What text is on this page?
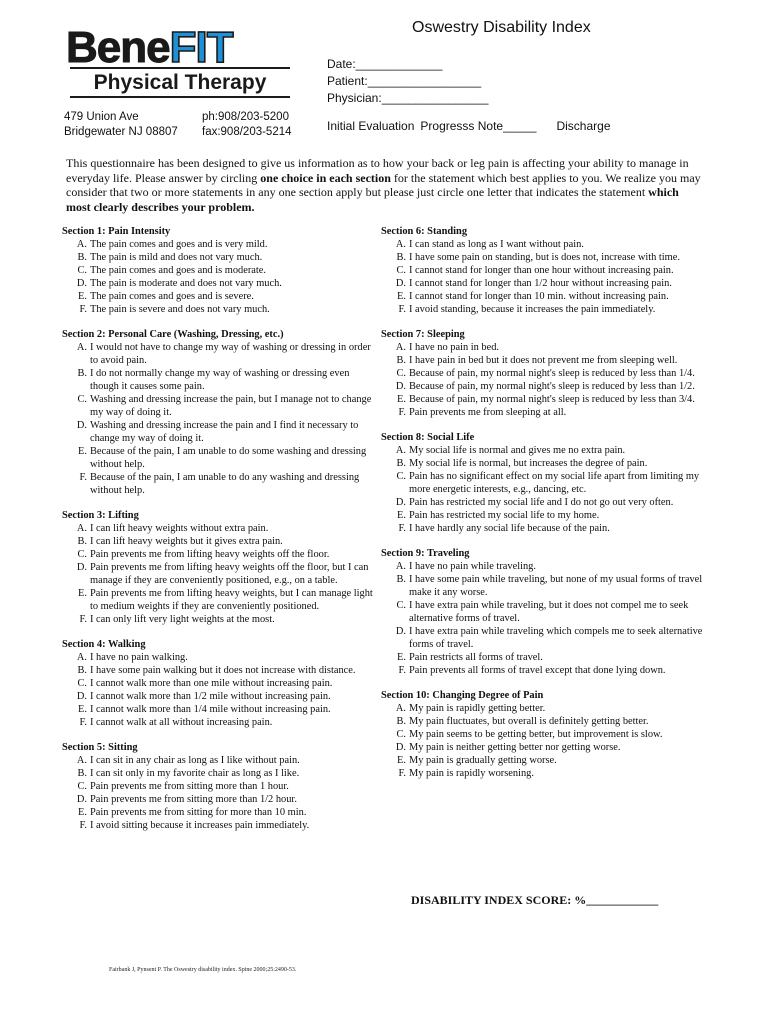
BeneFIT
Physical Therapy
479 Union Ave
Bridgewater NJ 08807
ph:908/203-5200
fax:908/203-5214
Oswestry Disability Index
Date:_____________
Patient:_________________
Physician:________________
Initial Evaluation Progresss Note_____ Discharge
This questionnaire has been designed to give us information as to how your back or leg pain is affecting your ability to manage in everyday life. Please answer by circling one choice in each section for the statement which best applies to you. We realize you may consider that two or more statements in any one section apply but please just circle one letter that indicates the statement which most clearly describes your problem.
Section 1: Pain Intensity
A. The pain comes and goes and is very mild.
B. The pain is mild and does not vary much.
C. The pain comes and goes and is moderate.
D. The pain is moderate and does not vary much.
E. The pain comes and goes and is severe.
F. The pain is severe and does not vary much.
Section 2: Personal Care (Washing, Dressing, etc.)
A. I would not have to change my way of washing or dressing in order to avoid pain.
B. I do not normally change my way of washing or dressing even though it causes some pain.
C. Washing and dressing increase the pain, but I manage not to change my way of doing it.
D. Washing and dressing increase the pain and I find it necessary to change my way of doing it.
E. Because of the pain, I am unable to do some washing and dressing without help.
F. Because of the pain, I am unable to do any washing and dressing without help.
Section 3: Lifting
A. I can lift heavy weights without extra pain.
B. I can lift heavy weights but it gives extra pain.
C. Pain prevents me from lifting heavy weights off the floor.
D. Pain prevents me from lifting heavy weights off the floor, but I can manage if they are conveniently positioned, e.g., on a table.
E. Pain prevents me from lifting heavy weights, but I can manage light to medium weights if they are conveniently positioned.
F. I can only lift very light weights at the most.
Section 4: Walking
A. I have no pain walking.
B. I have some pain walking but it does not increase with distance.
C. I cannot walk more than one mile without increasing pain.
D. I cannot walk more than 1/2 mile without increasing pain.
E. I cannot walk more than 1/4 mile without increasing pain.
F. I cannot walk at all without increasing pain.
Section 5: Sitting
A. I can sit in any chair as long as I like without pain.
B. I can sit only in my favorite chair as long as I like.
C. Pain prevents me from sitting more than 1 hour.
D. Pain prevents me from sitting more than 1/2 hour.
E. Pain prevents me from sitting for more than 10 min.
F. I avoid sitting because it increases pain immediately.
Section 6: Standing
A. I can stand as long as I want without pain.
B. I have some pain on standing, but is does not, increase with time.
C. I cannot stand for longer than one hour without increasing pain.
D. I cannot stand for longer than 1/2 hour without increasing pain.
E. I cannot stand for longer than 10 min. without increasing pain.
F. I avoid standing, because it increases the pain immediately.
Section 7: Sleeping
A. I have no pain in bed.
B. I have pain in bed but it does not prevent me from sleeping well.
C. Because of pain, my normal night's sleep is reduced by less than 1/4.
D. Because of pain, my normal night's sleep is reduced by less than 1/2.
E. Because of pain, my normal night's sleep is reduced by less than 3/4.
F. Pain prevents me from sleeping at all.
Section 8: Social Life
A. My social life is normal and gives me no extra pain.
B. My social life is normal, but increases the degree of pain.
C. Pain has no significant effect on my social life apart from limiting my more energetic interests, e.g., dancing, etc.
D. Pain has restricted my social life and I do not go out very often.
E. Pain has restricted my social life to my home.
F. I have hardly any social life because of the pain.
Section 9: Traveling
A. I have no pain while traveling.
B. I have some pain while traveling, but none of my usual forms of travel make it any worse.
C. I have extra pain while traveling, but it does not compel me to seek alternative forms of travel.
D. I have extra pain while traveling which compels me to seek alternative forms of travel.
E. Pain restricts all forms of travel.
F. Pain prevents all forms of travel except that done lying down.
Section 10: Changing Degree of Pain
A. My pain is rapidly getting better.
B. My pain fluctuates, but overall is definitely getting better.
C. My pain seems to be getting better, but improvement is slow.
D. My pain is neither getting better nor getting worse.
E. My pain is gradually getting worse.
F. My pain is rapidly worsening.
DISABILITY INDEX SCORE: %____________
Fairbank J, Pynsent P. The Oswestry disability index. Spine 2000;25:2490-53.
